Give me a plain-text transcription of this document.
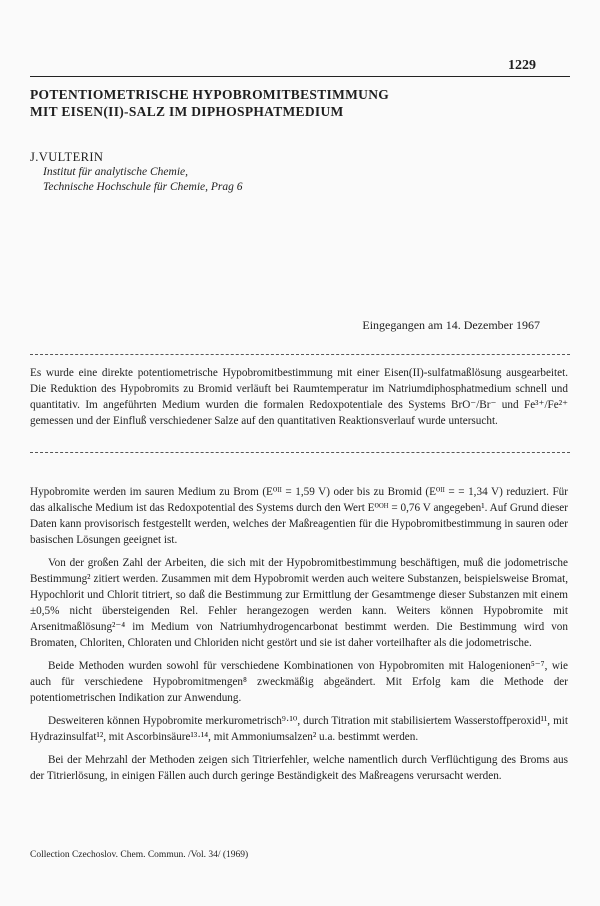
1229
POTENTIOMETRISCHE HYPOBROMITBESTIMMUNG
MIT EISEN(II)-SALZ IM DIPHOSPHATMEDIUM
J.VULTERIN
Institut für analytische Chemie,
Technische Hochschule für Chemie, Prag 6
Eingegangen am 14. Dezember 1967

Es wurde eine direkte potentiometrische Hypobromitbestimmung mit einer Eisen(II)-sulfatmaßlösung ausgearbeitet. Die Reduktion des Hypobromits zu Bromid verläuft bei Raumtemperatur im Natriumdiphosphatmedium schnell und quantitativ. Im angeführten Medium wurden die formalen Redoxpotentiale des Systems BrO⁻/Br⁻ und Fe³⁺/Fe²⁺ gemessen und der Einfluß verschiedener Salze auf den quantitativen Reaktionsverlauf wurde untersucht.

Hypobromite werden im sauren Medium zu Brom (E⁰ᴵᴵ = 1,59 V) oder bis zu Bromid (E⁰ᴵᴵ = = 1,34 V) reduziert. Für das alkalische Medium ist das Redoxpotential des Systems durch den Wert E⁰ᴼᴴ = 0,76 V angegeben¹. Auf Grund dieser Daten kann provisorisch festgestellt werden, welches der Maßreagentien für die Hypobromitbestimmung in sauren oder basischen Lösungen geeignet ist.

Von der großen Zahl der Arbeiten, die sich mit der Hypobromitbestimmung beschäftigen, muß die jodometrische Bestimmung² zitiert werden. Zusammen mit dem Hypobromit werden auch weitere Substanzen, beispielsweise Bromat, Hypochlorit und Chlorit titriert, so daß die Bestimmung zur Ermittlung der Gesamtmenge dieser Substanzen mit einem ±0,5% nicht übersteigenden Rel. Fehler herangezogen werden kann. Weiters können Hypobromite mit Arsenitmaßlösung²⁻⁴ im Medium von Natriumhydrogencarbonat bestimmt werden. Die Bestimmung wird von Bromaten, Chloriten, Chloraten und Chloriden nicht gestört und sie ist daher vorteilhafter als die jodometrische.

Beide Methoden wurden sowohl für verschiedene Kombinationen von Hypobromiten mit Halogenionen⁵⁻⁷, wie auch für verschiedene Hypobromitmengen⁸ zweckmäßig abgeändert. Mit Erfolg kam die Methode der potentiometrischen Indikation zur Anwendung.

Desweiteren können Hypobromite merkurometrisch⁹·¹⁰, durch Titration mit stabilisiertem Wasserstoffperoxid¹¹, mit Hydrazinsulfat¹², mit Ascorbinsäure¹³·¹⁴, mit Ammoniumsalzen² u.a. bestimmt werden.

Bei der Mehrzahl der Methoden zeigen sich Titrierfehler, welche namentlich durch Verflüchtigung des Broms aus der Titrierlösung, in einigen Fällen auch durch geringe Beständigkeit des Maßreagens verursacht werden.

Collection Czechoslov. Chem. Commun. /Vol. 34/ (1969)
